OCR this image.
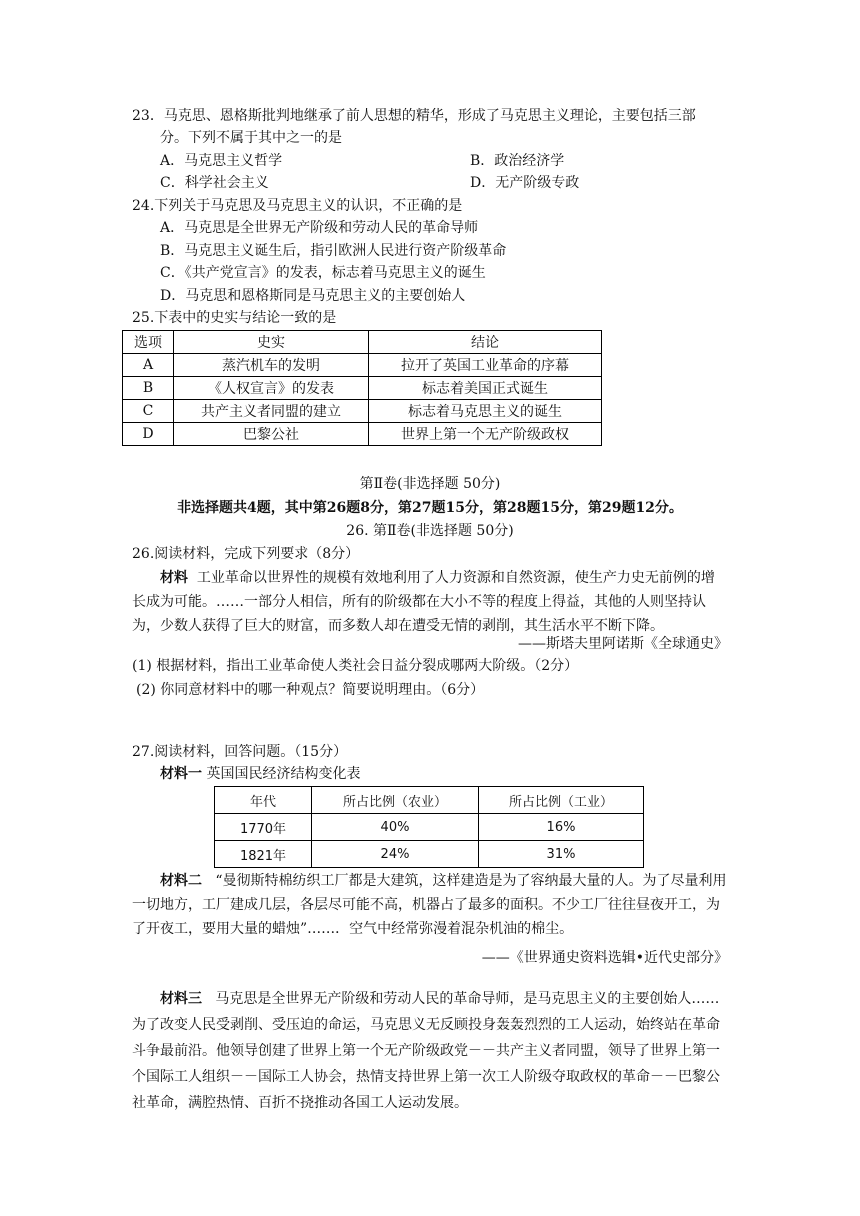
23．马克思、恩格斯批判地继承了前人思想的精华，形成了马克思主义理论，主要包括三部
分。下列不属于其中之一的是
A．马克思主义哲学	B．政治经济学
C．科学社会主义	D．无产阶级专政
24.下列关于马克思及马克思主义的认识，不正确的是
A．马克思是全世界无产阶级和劳动人民的革命导师
B．马克思主义诞生后，指引欧洲人民进行资产阶级革命
C．《共产党宣言》的发表，标志着马克思主义的诞生
D．马克思和恩格斯同是马克思主义的主要创始人
25.下表中的史实与结论一致的是
选项	史实	结论
A	蒸汽机车的发明	拉开了英国工业革命的序幕
B	《人权宣言》的发表	标志着美国正式诞生
C	共产主义者同盟的建立	标志着马克思主义的诞生
D	巴黎公社	世界上第一个无产阶级政权
第Ⅱ卷(非选择题 50分)
非选择题共4题，其中第26题8分，第27题15分，第28题15分，第29题12分。
26. 第Ⅱ卷(非选择题 50分)
26.阅读材料，完成下列要求（8分）
材料 工业革命以世界性的规模有效地利用了人力资源和自然资源，使生产力史无前例的增长成为可能。……一部分人相信，所有的阶级都在大小不等的程度上得益，其他的人则坚持认为，少数人获得了巨大的财富，而多数人却在遭受无情的剥削，其生活水平不断下降。
——斯塔夫里阿诺斯《全球通史》
(1) 根据材料，指出工业革命使人类社会日益分裂成哪两大阶级。（2分）
(2) 你同意材料中的哪一种观点？简要说明理由。（6分）
27.阅读材料，回答问题。（15分）
材料一 英国国民经济结构变化表
年代	所占比例（农业）	所占比例（工业）
1770年	40%	16%
1821年	24%	31%
材料二 “曼彻斯特棉纺织工厂都是大建筑，这样建造是为了容纳最大量的人。为了尽量利用一切地方，工厂建成几层，各层尽可能不高，机器占了最多的面积。不少工厂往往昼夜开工，为了开夜工，要用大量的蜡烛”……．空气中经常弥漫着混杂机油的棉尘。
——《世界通史资料选辑•近代史部分》
材料三 马克思是全世界无产阶级和劳动人民的革命导师，是马克思主义的主要创始人……为了改变人民受剥削、受压迫的命运，马克思义无反顾投身轰轰烈烈的工人运动，始终站在革命斗争最前沿。他领导创建了世界上第一个无产阶级政党－－共产主义者同盟，领导了世界上第一个国际工人组织－－国际工人协会，热情支持世界上第一次工人阶级夺取政权的革命－－巴黎公社革命，满腔热情、百折不挠推动各国工人运动发展。
